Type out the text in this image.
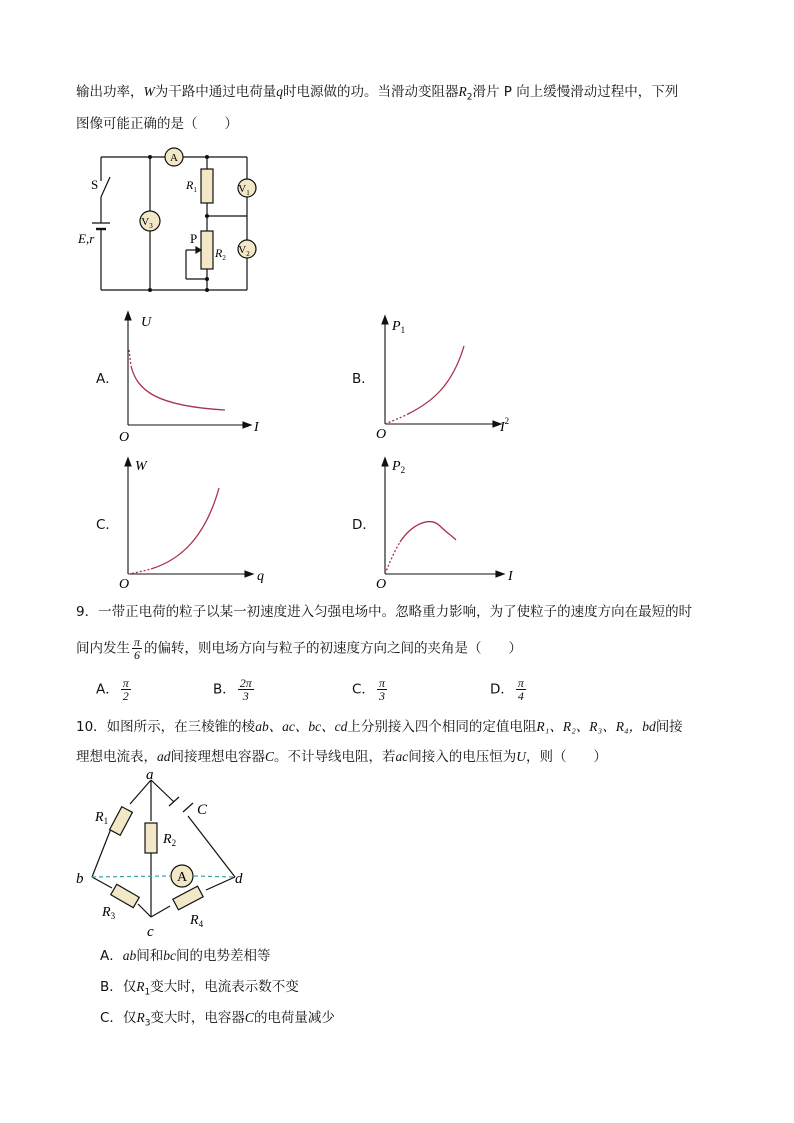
输出功率，W为干路中通过电荷量q时电源做的功。当滑动变阻器$R_2$滑片 P 向上缓慢滑动过程中，下列
图像可能正确的是（　　）
A
$V_3$
$V_1$
$V_2$
S
E,r
$R_1$
$R_2$
P
A．	B．
C．	D．
U
I
O
$P_1$
$I^2$
O
W
q
O
$P_2$
I
O
9．一带正电荷的粒子以某一初速度进入匀强电场中。忽略重力影响，为了使粒子的速度方向在最短的时
间内发生 $\frac{\pi}{6}$ 的偏转，则电场方向与粒子的初速度方向之间的夹角是（　　）
A． $\frac{\pi}{2}$	B． $\frac{2\pi}{3}$	C． $\frac{\pi}{3}$	D． $\frac{\pi}{4}$
10．如图所示，在三棱锥的棱ab、ac、bc、cd上分别接入四个相同的定值电阻R₁、R₂、R₃、R₄，bd间接
理想电流表，ad间接理想电容器C。不计导线电阻，若ac间接入的电压恒为U，则（　　）
A
a
b
c
d
C
$R_1$
$R_2$
$R_3$	$R_4$
A．ab间和bc间的电势差相等
B．仅$R_1$变大时，电流表示数不变
C．仅$R_3$变大时，电容器C的电荷量减少
